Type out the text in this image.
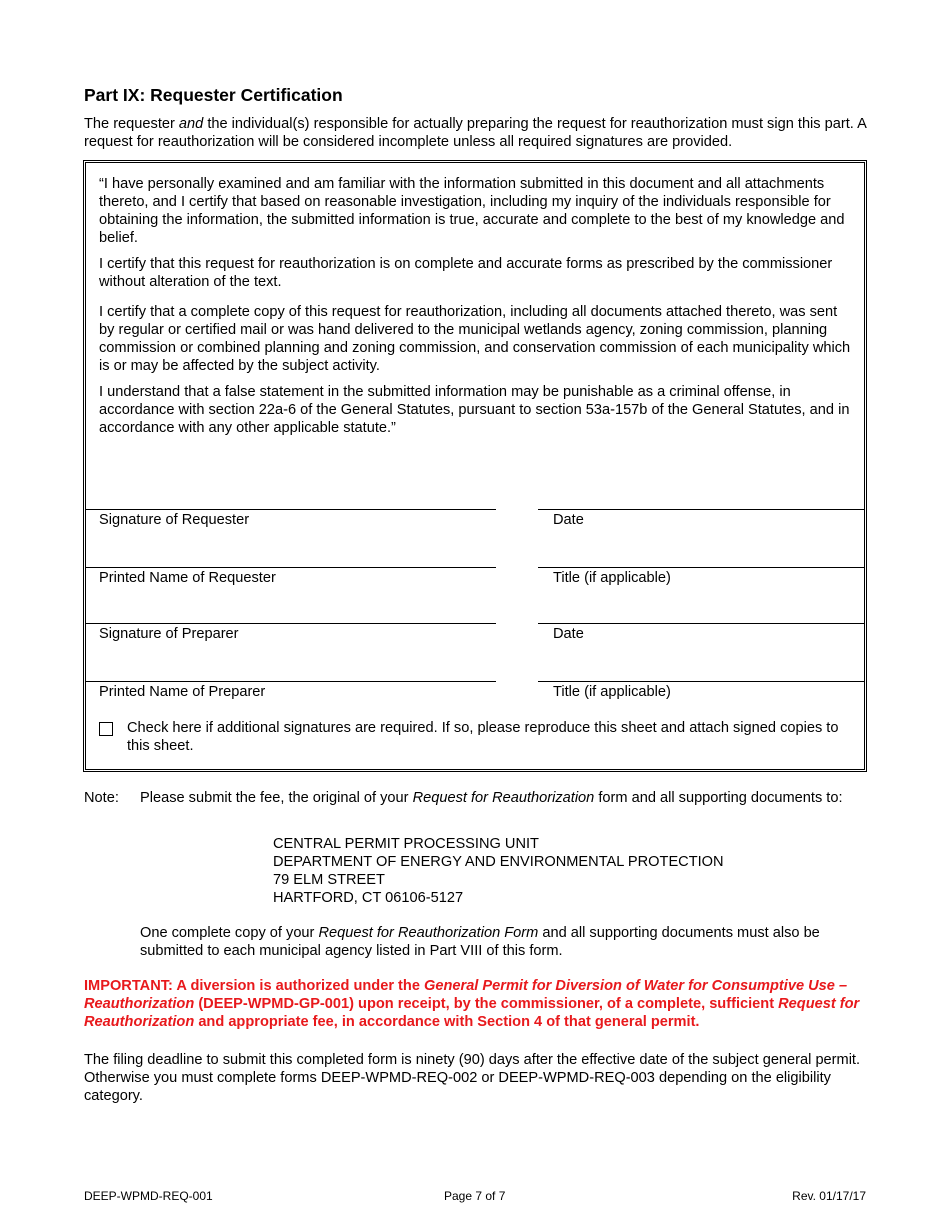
Part IX: Requester Certification
The requester and the individual(s) responsible for actually preparing the request for reauthorization must sign this part. A request for reauthorization will be considered incomplete unless all required signatures are provided.
“I have personally examined and am familiar with the information submitted in this document and all attachments thereto, and I certify that based on reasonable investigation, including my inquiry of the individuals responsible for obtaining the information, the submitted information is true, accurate and complete to the best of my knowledge and belief.
I certify that this request for reauthorization is on complete and accurate forms as prescribed by the commissioner without alteration of the text.
I certify that a complete copy of this request for reauthorization, including all documents attached thereto, was sent by regular or certified mail or was hand delivered to the municipal wetlands agency, zoning commission, planning commission or combined planning and zoning commission, and conservation commission of each municipality which is or may be affected by the subject activity.
I understand that a false statement in the submitted information may be punishable as a criminal offense, in accordance with section 22a-6 of the General Statutes, pursuant to section 53a-157b of the General Statutes, and in accordance with any other applicable statute.”
Signature of Requester	Date
Printed Name of Requester	Title (if applicable)
Signature of Preparer	Date
Printed Name of Preparer	Title (if applicable)
Check here if additional signatures are required. If so, please reproduce this sheet and attach signed copies to this sheet.
Note: Please submit the fee, the original of your Request for Reauthorization form and all supporting documents to:
CENTRAL PERMIT PROCESSING UNIT
DEPARTMENT OF ENERGY AND ENVIRONMENTAL PROTECTION
79 ELM STREET
HARTFORD, CT 06106-5127
One complete copy of your Request for Reauthorization Form and all supporting documents must also be submitted to each municipal agency listed in Part VIII of this form.
IMPORTANT: A diversion is authorized under the General Permit for Diversion of Water for Consumptive Use – Reauthorization (DEEP-WPMD-GP-001) upon receipt, by the commissioner, of a complete, sufficient Request for Reauthorization and appropriate fee, in accordance with Section 4 of that general permit.
The filing deadline to submit this completed form is ninety (90) days after the effective date of the subject general permit. Otherwise you must complete forms DEEP-WPMD-REQ-002 or DEEP-WPMD-REQ-003 depending on the eligibility category.
DEEP-WPMD-REQ-001	Page 7 of 7	Rev. 01/17/17
